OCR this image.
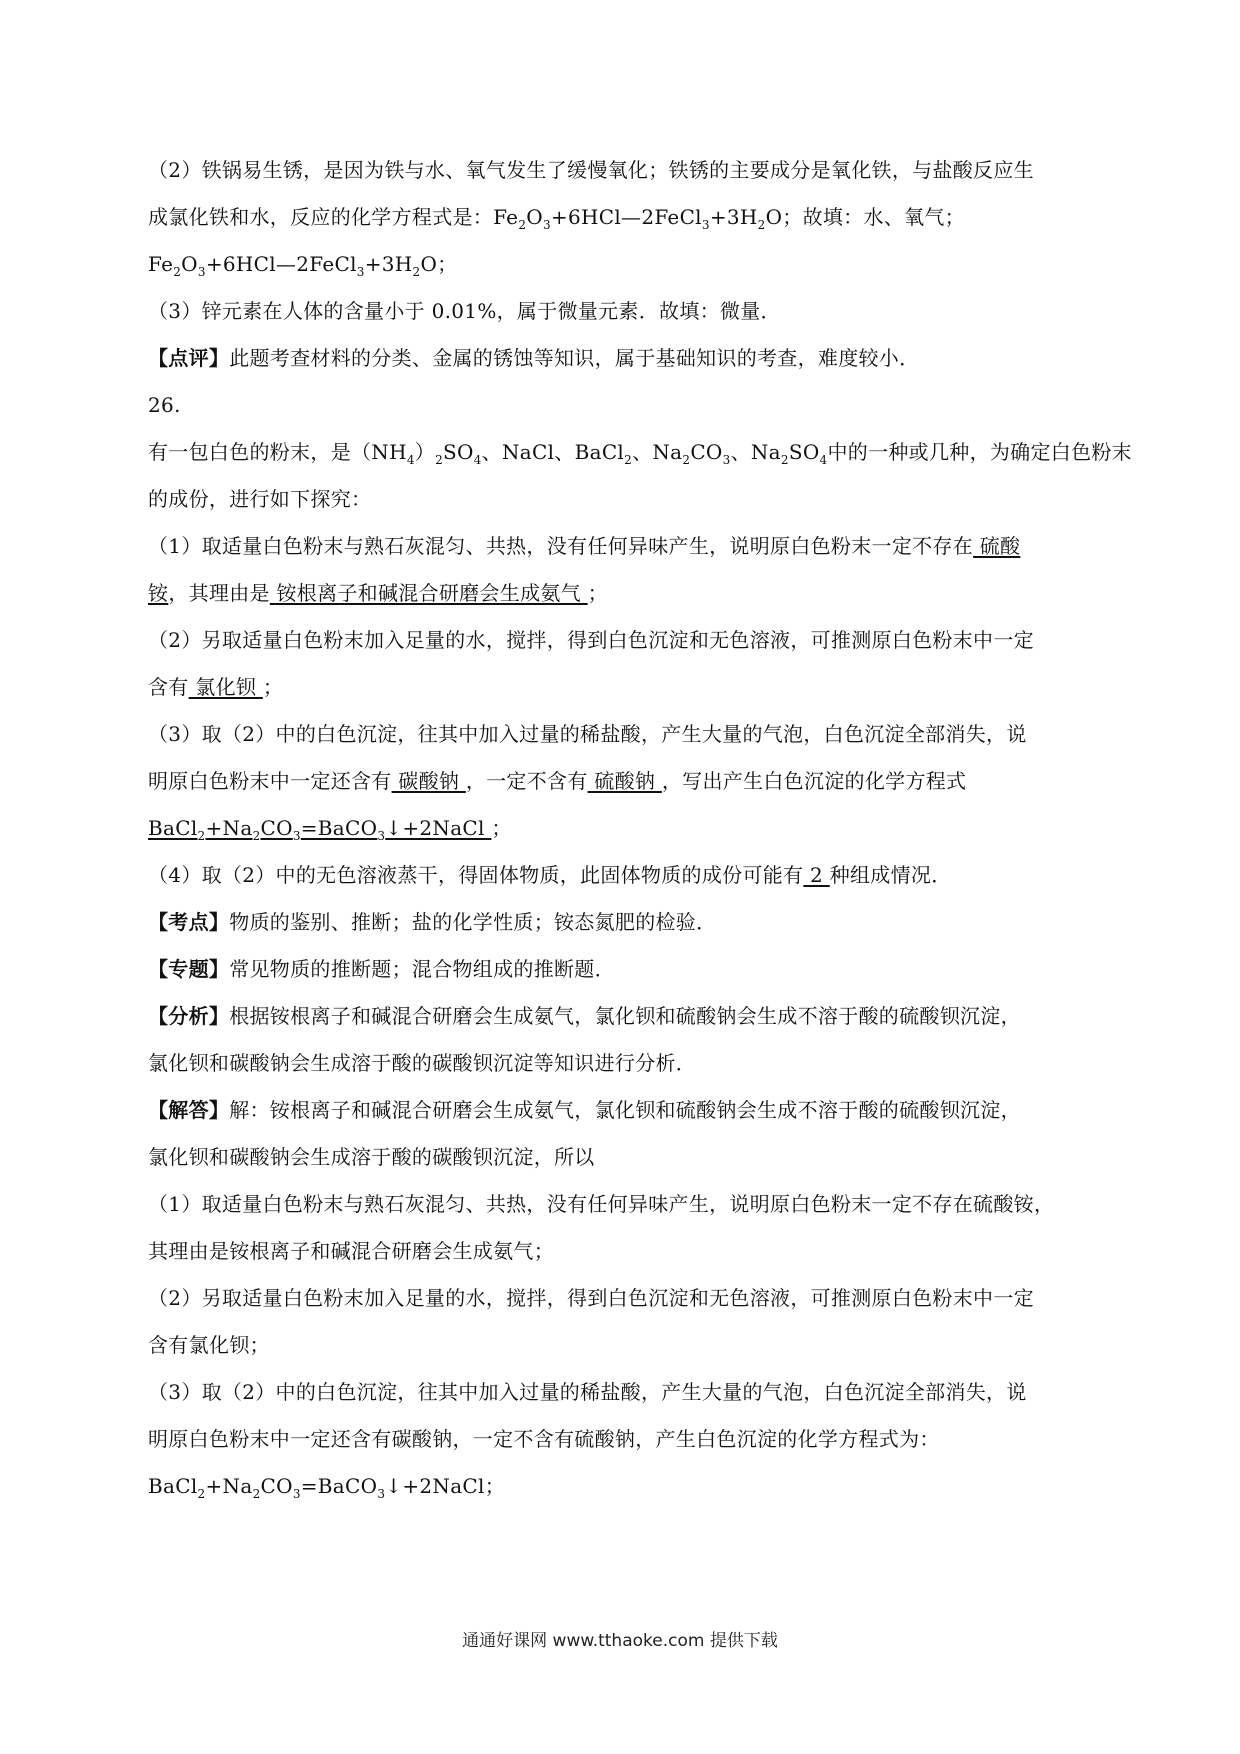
（2）铁锅易生锈，是因为铁与水、氧气发生了缓慢氧化；铁锈的主要成分是氧化铁，与盐酸反应生
成氯化铁和水，反应的化学方程式是：$Fe_2O_3+6HCl—2FeCl_3+3H_2O$；故填：水、氧气；
$Fe_2O_3+6HCl—2FeCl_3+3H_2O$；
（3）锌元素在人体的含量小于 0.01%，属于微量元素．故填：微量．
【点评】此题考查材料的分类、金属的锈蚀等知识，属于基础知识的考查，难度较小．
26.
有一包白色的粉末，是$(NH_4)_2SO_4$、NaCl、BaCl$_2$、$Na_2CO_3$、$Na_2SO_4$中的一种或几种，为确定白色粉末
的成份，进行如下探究：
（1）取适量白色粉末与熟石灰混匀、共热，没有任何异味产生，说明原白色粉末一定不存在 硫酸
铵，其理由是 铵根离子和碱混合研磨会生成氨气 ；
（2）另取适量白色粉末加入足量的水，搅拌，得到白色沉淀和无色溶液，可推测原白色粉末中一定
含有 氯化钡 ；
（3）取（2）中的白色沉淀，往其中加入过量的稀盐酸，产生大量的气泡，白色沉淀全部消失，说
明原白色粉末中一定还含有 碳酸钠 ，一定不含有 硫酸钠 ，写出产生白色沉淀的化学方程式
$BaCl_2+Na_2CO_3=BaCO_3↓+2NaCl$ ；
（4）取（2）中的无色溶液蒸干，得固体物质，此固体物质的成份可能有 2 种组成情况．
【考点】物质的鉴别、推断；盐的化学性质；铵态氮肥的检验．
【专题】常见物质的推断题；混合物组成的推断题．
【分析】根据铵根离子和碱混合研磨会生成氨气，氯化钡和硫酸钠会生成不溶于酸的硫酸钡沉淀，
氯化钡和碳酸钠会生成溶于酸的碳酸钡沉淀等知识进行分析．
【解答】解：铵根离子和碱混合研磨会生成氨气，氯化钡和硫酸钠会生成不溶于酸的硫酸钡沉淀，
氯化钡和碳酸钠会生成溶于酸的碳酸钡沉淀，所以
（1）取适量白色粉末与熟石灰混匀、共热，没有任何异味产生，说明原白色粉末一定不存在硫酸铵，
其理由是铵根离子和碱混合研磨会生成氨气；
（2）另取适量白色粉末加入足量的水，搅拌，得到白色沉淀和无色溶液，可推测原白色粉末中一定
含有氯化钡；
（3）取（2）中的白色沉淀，往其中加入过量的稀盐酸，产生大量的气泡，白色沉淀全部消失，说
明原白色粉末中一定还含有碳酸钠，一定不含有硫酸钠，产生白色沉淀的化学方程式为：
$BaCl_2+Na_2CO_3=BaCO_3↓+2NaCl$；
通通好课网 www.tthaoke.com 提供下载
